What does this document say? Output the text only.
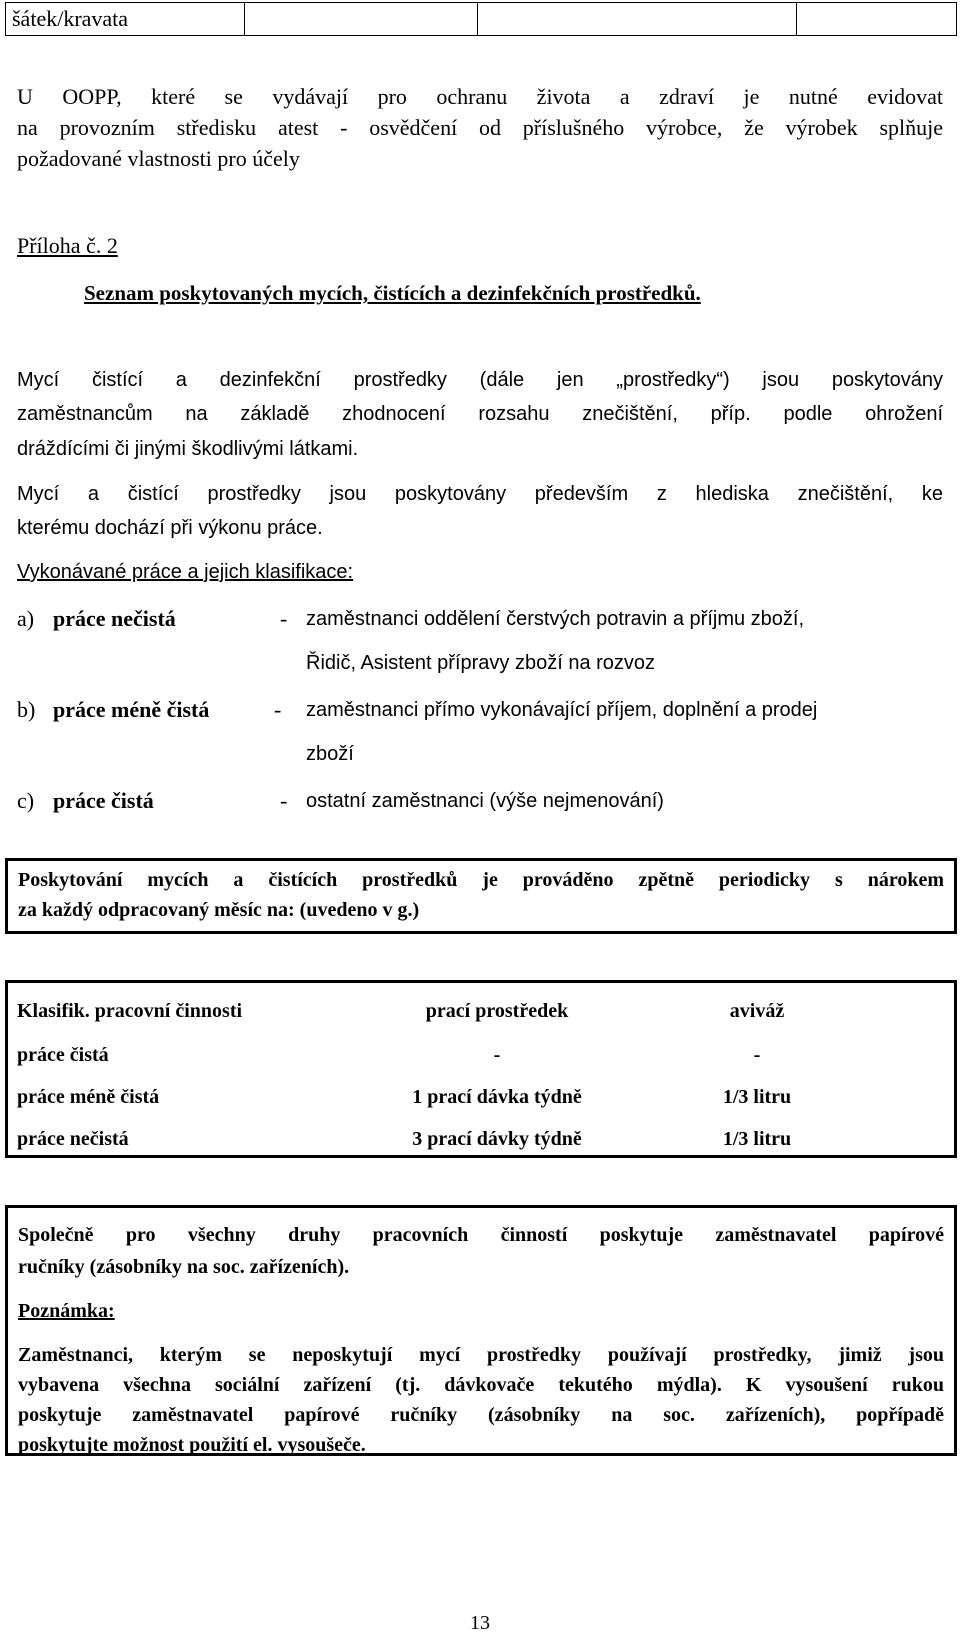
šátek/kravata			
U OOPP, které se vydávají pro ochranu života a zdraví je nutné evidovat
na provozním středisku atest - osvědčení od příslušného výrobce, že výrobek splňuje
požadované vlastnosti pro účely
Příloha č. 2
Seznam poskytovaných mycích, čistících a dezinfekčních prostředků.
Mycí čistící a dezinfekční prostředky (dále jen „prostředky“) jsou poskytovány
zaměstnancům na základě zhodnocení rozsahu znečištění, příp. podle ohrožení
dráždícími či jinými škodlivými látkami.
Mycí a čistící prostředky jsou poskytovány především z hlediska znečištění, ke
kterému dochází při výkonu práce.
Vykonávané práce a jejich klasifikace:
a) práce nečistá	- zaměstnanci oddělení čerstvých potravin a příjmu zboží,
Řidič, Asistent přípravy zboží na rozvoz
b) práce méně čistá	- zaměstnanci přímo vykonávající příjem, doplnění a prodej
zboží
c) práce čistá	- ostatní zaměstnanci (výše nejmenování)
Poskytování mycích a čistících prostředků je prováděno zpětně periodicky s nárokem
za každý odpracovaný měsíc na: (uvedeno v g.)
Klasifik. pracovní činnosti	prací prostředek	aviváž
práce čistá	-	-
práce méně čistá	1 prací dávka týdně	1/3 litru
práce nečistá	3 prací dávky týdně	1/3 litru
Společně pro všechny druhy pracovních činností poskytuje zaměstnavatel papírové
ručníky (zásobníky na soc. zařízeních).
Poznámka:
Zaměstnanci, kterým se neposkytují mycí prostředky používají prostředky, jimiž jsou
vybavena všechna sociální zařízení (tj. dávkovače tekutého mýdla). K vysoušení rukou
poskytuje zaměstnavatel papírové ručníky (zásobníky na soc. zařízeních), popřípadě
poskytujte možnost použití el. vysoušeče.
13
